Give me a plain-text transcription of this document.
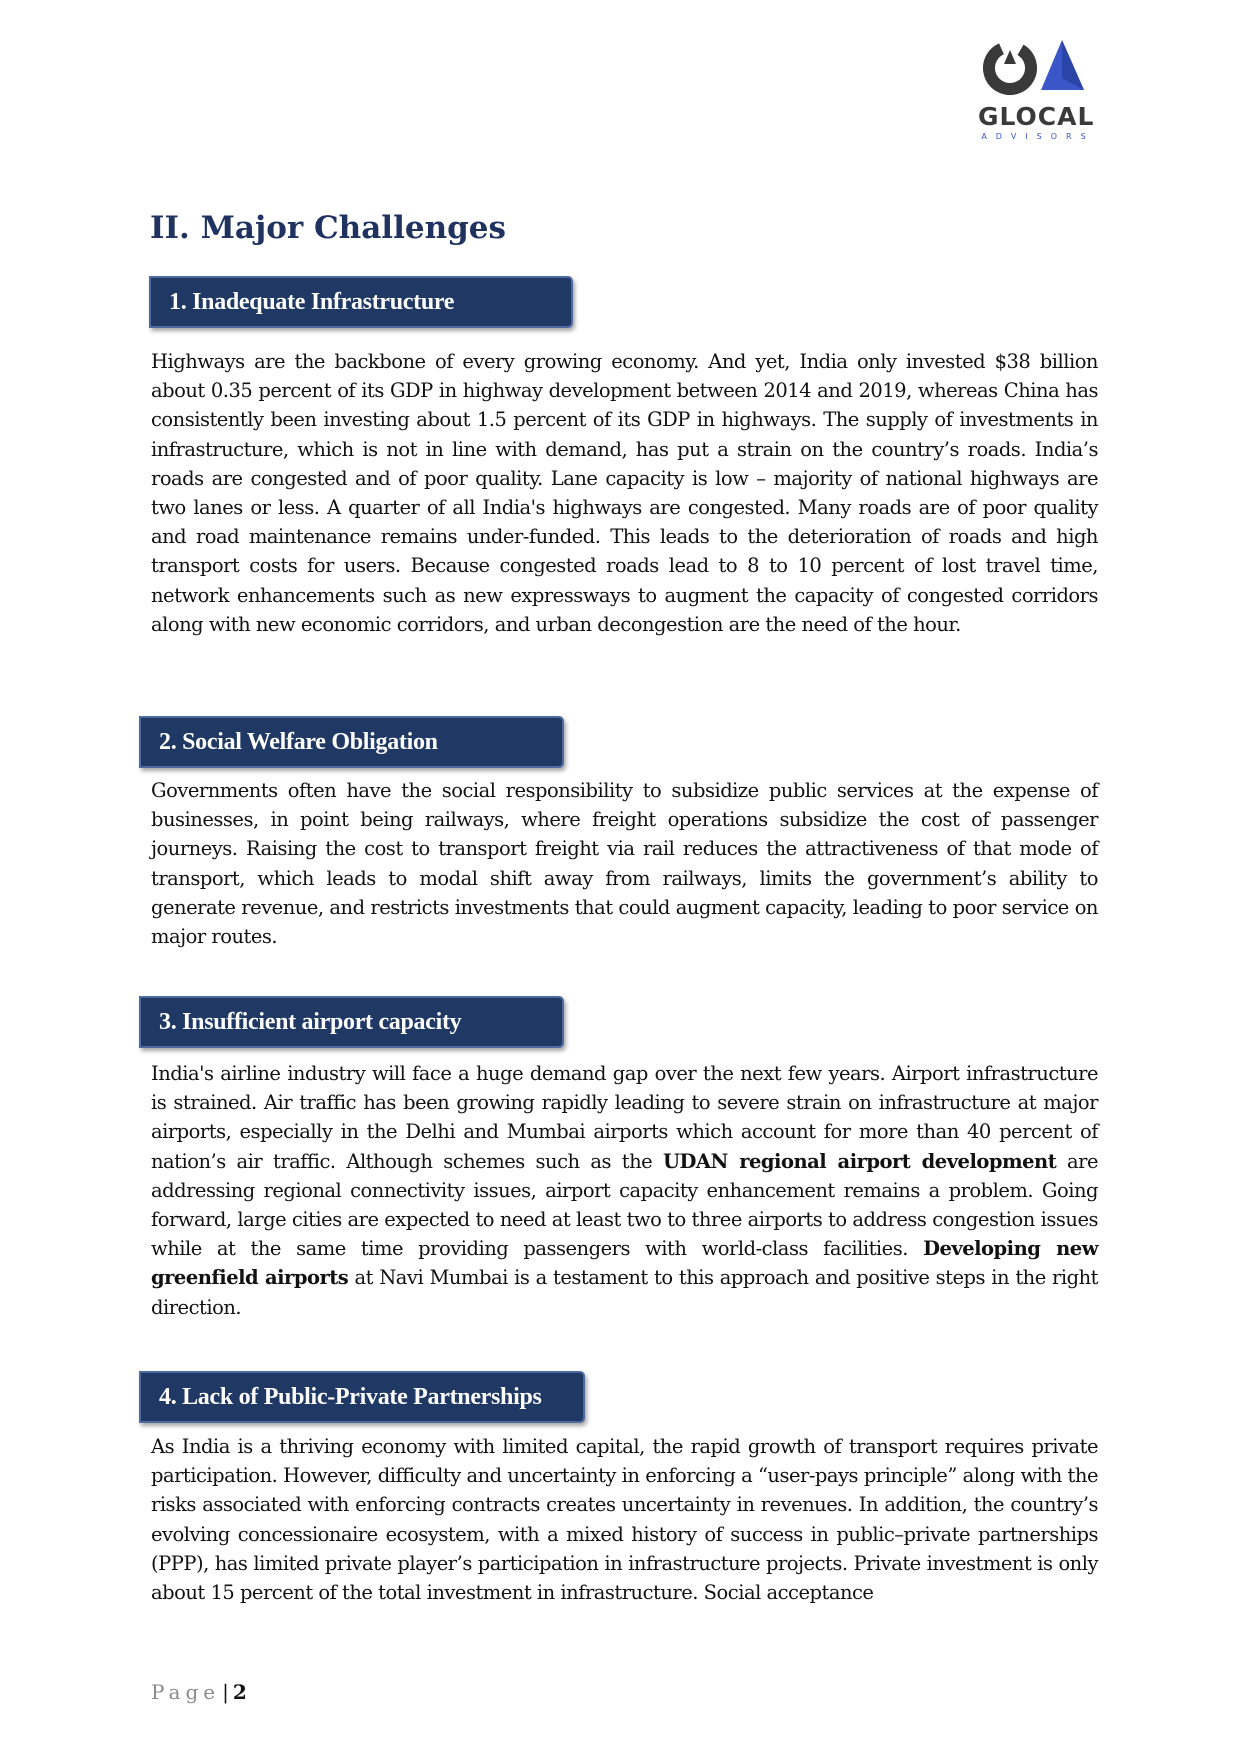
GLOCAL
ADVISORS
II. Major Challenges
1. Inadequate Infrastructure

Highways are the backbone of every growing economy. And yet, India only invested $38 billion about 0.35 percent of its GDP in highway development between 2014 and 2019, whereas China has consistently been investing about 1.5 percent of its GDP in highways. The supply of investments in infrastructure, which is not in line with demand, has put a strain on the country’s roads. India’s roads are congested and of poor quality. Lane capacity is low – majority of national highways are two lanes or less. A quarter of all India's highways are congested. Many roads are of poor quality and road maintenance remains under-funded. This leads to the deterioration of roads and high transport costs for users. Because congested roads lead to 8 to 10 percent of lost travel time, network enhancements such as new expressways to augment the capacity of congested corridors along with new economic corridors, and urban decongestion are the need of the hour.

2. Social Welfare Obligation

Governments often have the social responsibility to subsidize public services at the expense of businesses, in point being railways, where freight operations subsidize the cost of passenger journeys. Raising the cost to transport freight via rail reduces the attractiveness of that mode of transport, which leads to modal shift away from railways, limits the government’s ability to generate revenue, and restricts investments that could augment capacity, leading to poor service on major routes.

3. Insufficient airport capacity

India's airline industry will face a huge demand gap over the next few years. Airport infrastructure is strained. Air traffic has been growing rapidly leading to severe strain on infrastructure at major airports, especially in the Delhi and Mumbai airports which account for more than 40 percent of nation’s air traffic. Although schemes such as the UDAN regional airport development are addressing regional connectivity issues, airport capacity enhancement remains a problem. Going forward, large cities are expected to need at least two to three airports to address congestion issues while at the same time providing passengers with world-class facilities. Developing new greenfield airports at Navi Mumbai is a testament to this approach and positive steps in the right direction.

4. Lack of Public-Private Partnerships

As India is a thriving economy with limited capital, the rapid growth of transport requires private participation. However, difficulty and uncertainty in enforcing a “user-pays principle” along with the risks associated with enforcing contracts creates uncertainty in revenues. In addition, the country’s evolving concessionaire ecosystem, with a mixed history of success in public–private partnerships (PPP), has limited private player’s participation in infrastructure projects. Private investment is only about 15 percent of the total investment in infrastructure. Social acceptance

Page | 2
